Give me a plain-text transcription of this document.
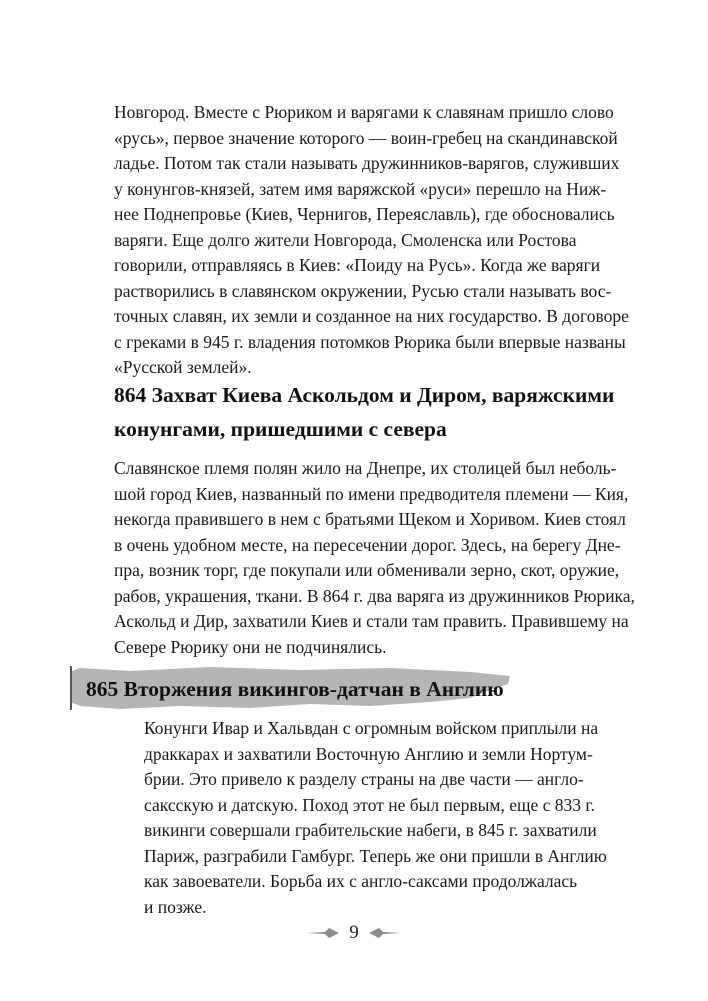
Новгород. Вместе с Рюриком и варягами к славянам пришло слово
«русь», первое значение которого — воин-гребец на скандинавской
ладье. Потом так стали называть дружинников-варягов, служивших
у конунгов-князей, затем имя варяжской «руси» перешло на Ниж-
нее Поднепровье (Киев, Чернигов, Переяславль), где обосновались
варяги. Еще долго жители Новгорода, Смоленска или Ростова
говорили, отправляясь в Киев: «Поиду на Русь». Когда же варяги
растворились в славянском окружении, Русью стали называть вос-
точных славян, их земли и созданное на них государство. В договоре
с греками в 945 г. владения потомков Рюрика были впервые названы
«Русской землей».
864 Захват Киева Аскольдом и Диром, варяжскими
конунгами, пришедшими с севера
Славянское племя полян жило на Днепре, их столицей был неболь-
шой город Киев, названный по имени предводителя племени — Кия,
некогда правившего в нем с братьями Щеком и Хоривом. Киев стоял
в очень удобном месте, на пересечении дорог. Здесь, на берегу Дне-
пра, возник торг, где покупали или обменивали зерно, скот, оружие,
рабов, украшения, ткани. В 864 г. два варяга из дружинников Рюрика,
Аскольд и Дир, захватили Киев и стали там править. Правившему на
Севере Рюрику они не подчинялись.
865 Вторжения викингов-датчан в Англию
Конунги Ивар и Хальвдан с огромным войском приплыли на
драккарах и захватили Восточную Англию и земли Нортум-
брии. Это привело к разделу страны на две части — англо-
саксскую и датскую. Поход этот не был первым, еще с 833 г.
викинги совершали грабительские набеги, в 845 г. захватили
Париж, разграбили Гамбург. Теперь же они пришли в Англию
как завоеватели. Борьба их с англо-саксами продолжалась
и позже.
9
